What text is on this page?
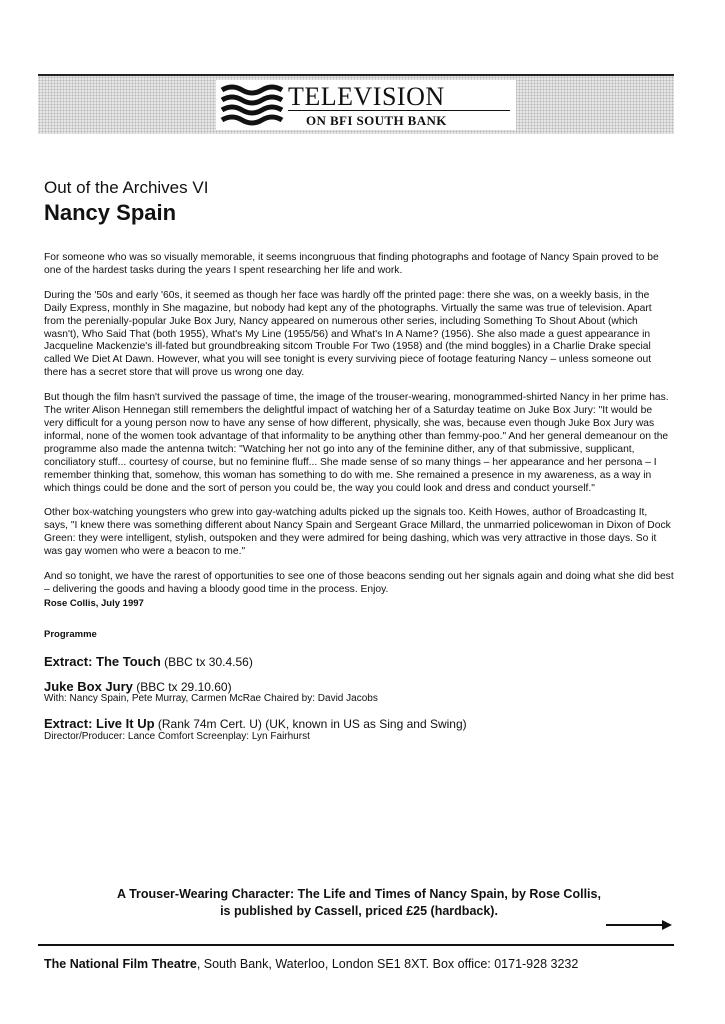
TELEVISION
ON BFI SOUTH BANK
Out of the Archives VI
Nancy Spain

For someone who was so visually memorable, it seems incongruous that finding photographs and footage of Nancy Spain proved to be one of the hardest tasks during the years I spent researching her life and work.

During the '50s and early '60s, it seemed as though her face was hardly off the printed page: there she was, on a weekly basis, in the Daily Express, monthly in She magazine, but nobody had kept any of the photographs. Virtually the same was true of television. Apart from the perenially-popular Juke Box Jury, Nancy appeared on numerous other series, including Something To Shout About (which wasn't), Who Said That (both 1955), What's My Line (1955/56) and What's In A Name? (1956). She also made a guest appearance in Jacqueline Mackenzie's ill-fated but groundbreaking sitcom Trouble For Two (1958) and (the mind boggles) in a Charlie Drake special called We Diet At Dawn. However, what you will see tonight is every surviving piece of footage featuring Nancy – unless someone out there has a secret store that will prove us wrong one day.

But though the film hasn't survived the passage of time, the image of the trouser-wearing, monogrammed-shirted Nancy in her prime has. The writer Alison Hennegan still remembers the delightful impact of watching her of a Saturday teatime on Juke Box Jury: "It would be very difficult for a young person now to have any sense of how different, physically, she was, because even though Juke Box Jury was informal, none of the women took advantage of that informality to be anything other than femmy-poo." And her general demeanour on the programme also made the antenna twitch: "Watching her not go into any of the feminine dither, any of that submissive, supplicant, conciliatory stuff... courtesy of course, but no feminine fluff... She made sense of so many things – her appearance and her persona – I remember thinking that, somehow, this woman has something to do with me. She remained a presence in my awareness, as a way in which things could be done and the sort of person you could be, the way you could look and dress and conduct yourself."

Other box-watching youngsters who grew into gay-watching adults picked up the signals too. Keith Howes, author of Broadcasting It, says, "I knew there was something different about Nancy Spain and Sergeant Grace Millard, the unmarried policewoman in Dixon of Dock Green: they were intelligent, stylish, outspoken and they were admired for being dashing, which was very attractive in those days. So it was gay women who were a beacon to me."

And so tonight, we have the rarest of opportunities to see one of those beacons sending out her signals again and doing what she did best – delivering the goods and having a bloody good time in the process. Enjoy.

Rose Collis, July 1997
Programme
Extract: The Touch (BBC tx 30.4.56)
Juke Box Jury (BBC tx 29.10.60)
With: Nancy Spain, Pete Murray, Carmen McRae Chaired by: David Jacobs
Extract: Live It Up (Rank 74m Cert. U) (UK, known in US as Sing and Swing)
Director/Producer: Lance Comfort Screenplay: Lyn Fairhurst
A Trouser-Wearing Character: The Life and Times of Nancy Spain, by Rose Collis,
is published by Cassell, priced £25 (hardback).
The National Film Theatre, South Bank, Waterloo, London SE1 8XT. Box office: 0171-928 3232
